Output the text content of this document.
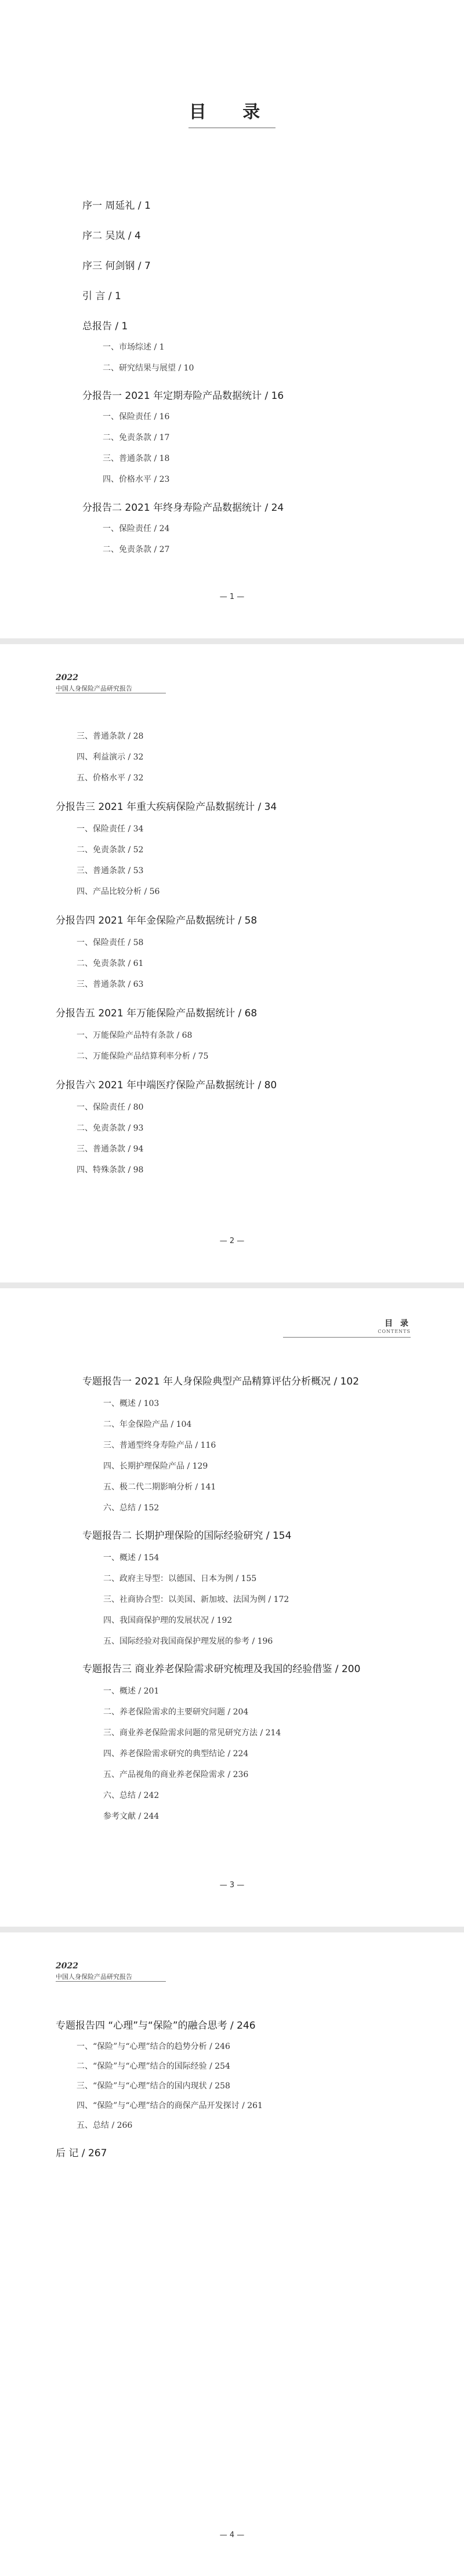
目 录
序一 周延礼 / 1
序二 吴岚 / 4
序三 何剑钢 / 7
引 言 / 1
总报告 / 1
一、市场综述 / 1
二、研究结果与展望 / 10
分报告一 2021 年定期寿险产品数据统计 / 16
一、保险责任 / 16
二、免责条款 / 17
三、普通条款 / 18
四、价格水平 / 23
分报告二 2021 年终身寿险产品数据统计 / 24
一、保险责任 / 24
二、免责条款 / 27
— 1 —
2022
中国人身保险产品研究报告
三、普通条款 / 28
四、利益演示 / 32
五、价格水平 / 32
分报告三 2021 年重大疾病保险产品数据统计 / 34
一、保险责任 / 34
二、免责条款 / 52
三、普通条款 / 53
四、产品比较分析 / 56
分报告四 2021 年年金保险产品数据统计 / 58
一、保险责任 / 58
二、免责条款 / 61
三、普通条款 / 63
分报告五 2021 年万能保险产品数据统计 / 68
一、万能保险产品特有条款 / 68
二、万能保险产品结算利率分析 / 75
分报告六 2021 年中端医疗保险产品数据统计 / 80
一、保险责任 / 80
二、免责条款 / 93
三、普通条款 / 94
四、特殊条款 / 98
— 2 —
目 录
CONTENTS
专题报告一 2021 年人身保险典型产品精算评估分析概况 / 102
一、概述 / 103
二、年金保险产品 / 104
三、普通型终身寿险产品 / 116
四、长期护理保险产品 / 129
五、极二代二期影响分析 / 141
六、总结 / 152
专题报告二 长期护理保险的国际经验研究 / 154
一、概述 / 154
二、政府主导型：以德国、日本为例 / 155
三、社商协合型：以美国、新加坡、法国为例 / 172
四、我国商保护理的发展状况 / 192
五、国际经验对我国商保护理发展的参考 / 196
专题报告三 商业养老保险需求研究梳理及我国的经验借鉴 / 200
一、概述 / 201
二、养老保险需求的主要研究问题 / 204
三、商业养老保险需求问题的常见研究方法 / 214
四、养老保险需求研究的典型结论 / 224
五、产品视角的商业养老保险需求 / 236
六、总结 / 242
参考文献 / 244
— 3 —
2022
中国人身保险产品研究报告
专题报告四 “心理”与“保险”的融合思考 / 246
一、“保险”与“心理”结合的趋势分析 / 246
二、“保险”与“心理”结合的国际经验 / 254
三、“保险”与“心理”结合的国内现状 / 258
四、“保险”与“心理”结合的商保产品开发探讨 / 261
五、总结 / 266
后 记 / 267
— 4 —
